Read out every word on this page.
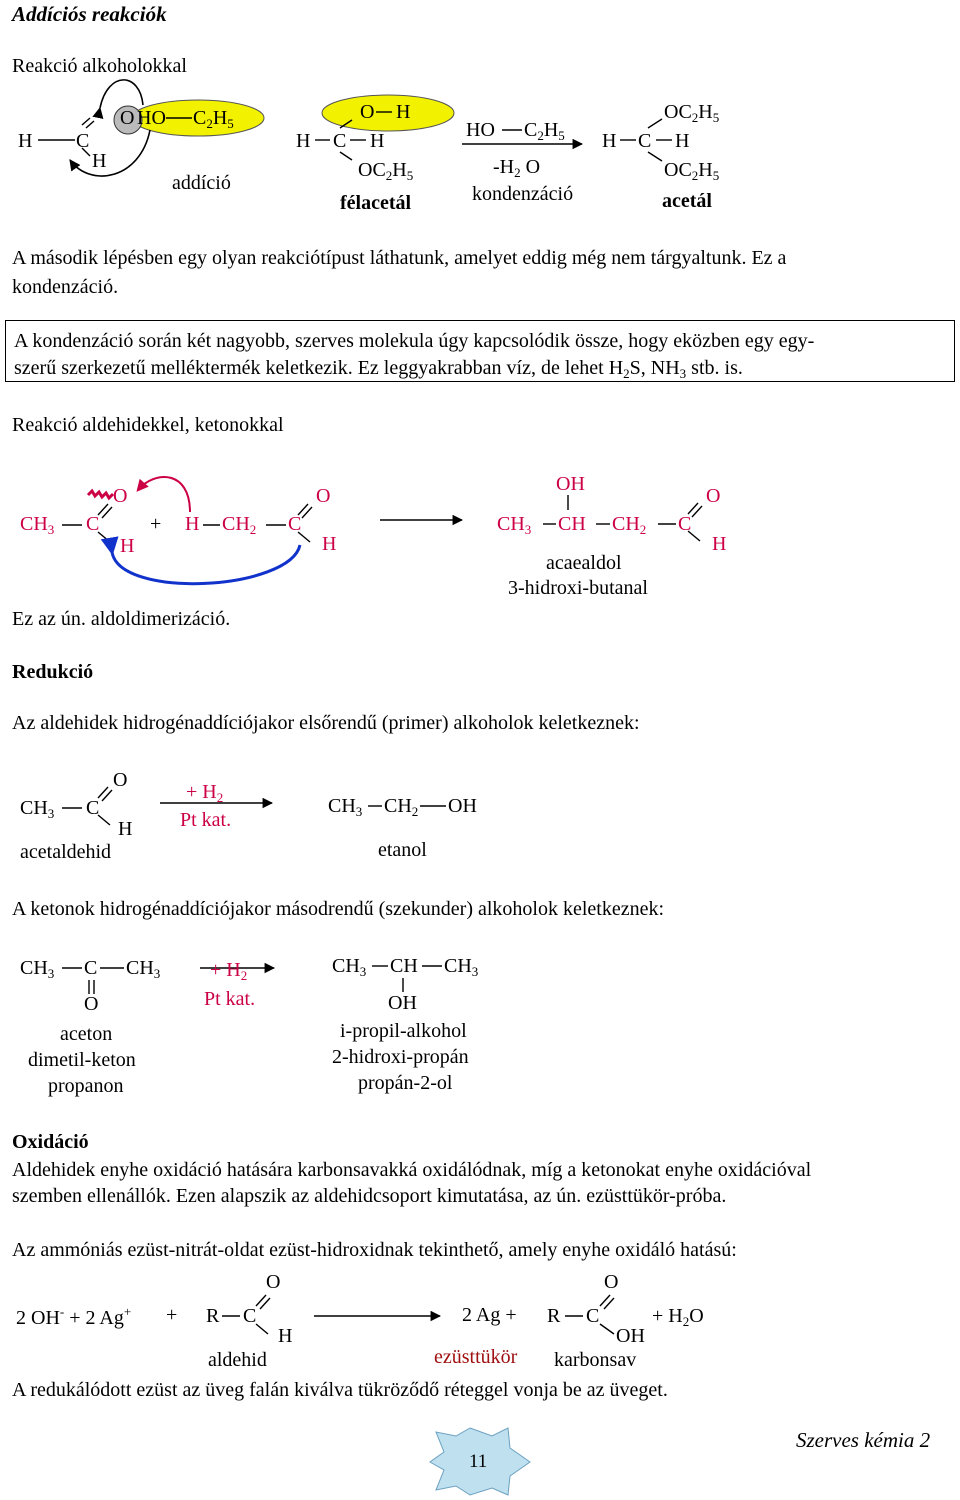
Addíciós reakciók
Reakció alkoholokkal
H C
O
H
HO $C_2H_5$
addíció
O H
H C H
$OC_2H_5$
félacetál
HO $C_2H_5$
$-H_2$ O
kondenzáció
H C H
$OC_2H_5$
$OC_2H_5$
acetál
A második lépésben egy olyan reakciótípust láthatunk, amelyet eddig még nem tárgyaltunk. Ez a
kondenzáció.
A kondenzáció során két nagyobb, szerves molekula úgy kapcsolódik össze, hogy eközben egy egy-
szerű szerkezetű melléktermék keletkezik. Ez leggyakrabban víz, de lehet $H_2S$, $NH_3$ stb. is.
Reakció aldehidekkel, ketonokkal
$CH_3$ C
O
H
+ H $CH_2$ C
O
H
OH
$CH_3$ CH $CH_2$ C
O
H
acaealdol
3-hidroxi-butanal
Ez az ún. aldoldimerizáció.
Redukció
Az aldehidek hidrogénaddíciójakor elsőrendű (primer) alkoholok keletkeznek:
$CH_3$ C
O
H
acetaldehid
+ $H_2$
Pt kat.
$CH_3$ $CH_2$ OH
etanol
A ketonok hidrogénaddíciójakor másodrendű (szekunder) alkoholok keletkeznek:
$CH_3$ C $CH_3$
O
aceton
dimetil-keton
propanon
+ $H_2$
Pt kat.
$CH_3$ CH $CH_3$
OH
i-propil-alkohol
2-hidroxi-propán
propán-2-ol
Oxidáció
Aldehidek enyhe oxidáció hatására karbonsavakká oxidálódnak, míg a ketonokat enyhe oxidációval
szemben ellenállók. Ezen alapszik az aldehidcsoport kimutatása, az ún. ezüsttükör-próba.
Az ammóniás ezüst-nitrát-oldat ezüst-hidroxidnak tekinthető, amely enyhe oxidáló hatású:
2 OH- + 2 Ag+ + R C
O
H
aldehid
2 Ag +
ezüsttükör
R C
O
OH
+ $H_2O$
karbonsav
A redukálódott ezüst az üveg falán kiválva tükröződő réteggel vonja be az üveget.
11
Szerves kémia 2
